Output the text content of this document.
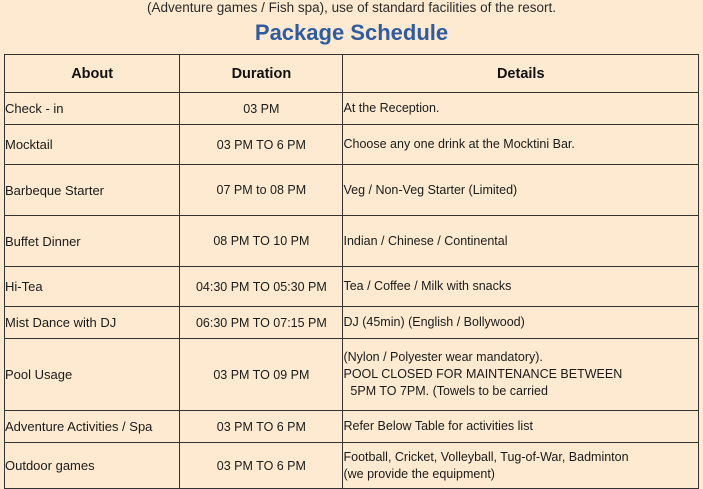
(Adventure games / Fish spa), use of standard facilities of the resort.

Package Schedule
About	Duration	Details
Check - in	03 PM	At the Reception.

Mocktail	03 PM TO 6 PM	Choose any one drink at the Mocktini Bar.

Barbeque Starter	07 PM to 08 PM	Veg / Non-Veg Starter (Limited)

Buffet Dinner	08 PM TO 10 PM	Indian / Chinese / Continental

Hi-Tea	04:30 PM TO 05:30 PM	Tea / Coffee / Milk with snacks

Mist Dance with DJ	06:30 PM TO 07:15 PM	DJ (45min) (English / Bollywood)

Pool Usage	03 PM TO 09 PM	(Nylon / Polyester wear mandatory).
POOL CLOSED FOR MAINTENANCE BETWEEN
5PM TO 7PM. (Towels to be carried

Adventure Activities / Spa	03 PM TO 6 PM	Refer Below Table for activities list

Outdoor games	03 PM TO 6 PM	Football, Cricket, Volleyball, Tug-of-War, Badminton
(we provide the equipment)
